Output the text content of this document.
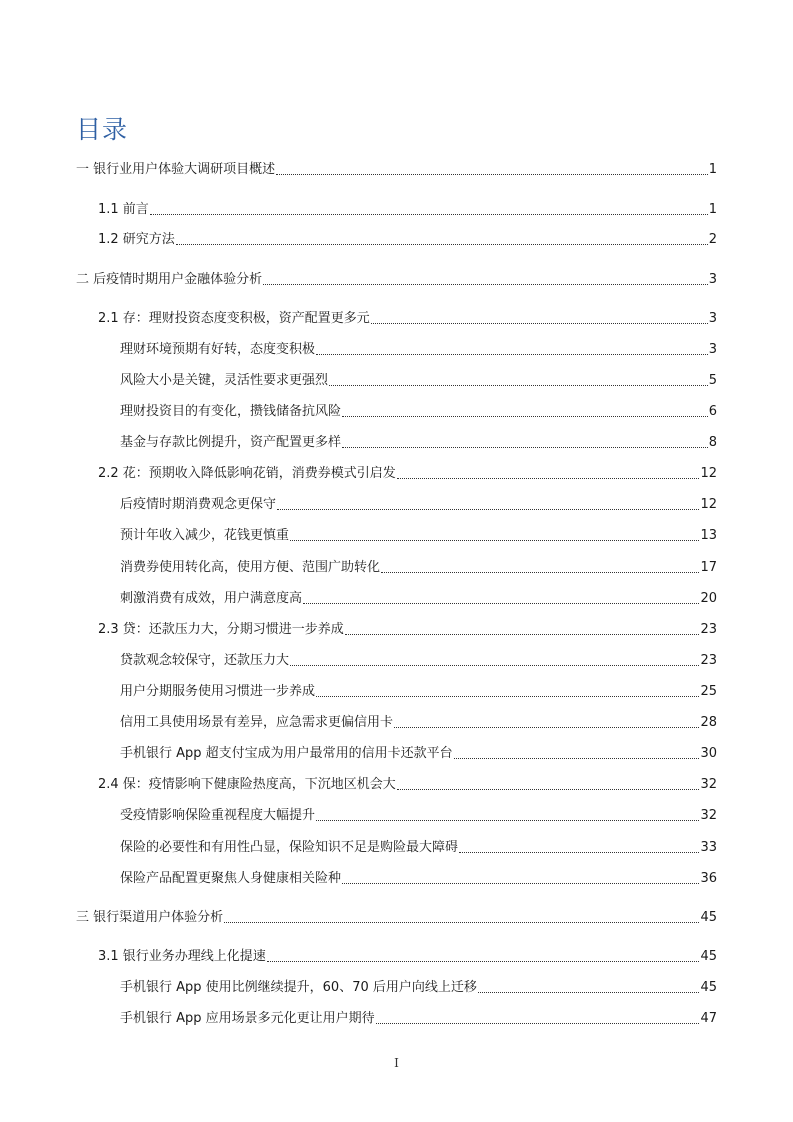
目录
一 银行业用户体验大调研项目概述	1
1.1 前言	1
1.2 研究方法	2
二 后疫情时期用户金融体验分析	3
2.1 存：理财投资态度变积极，资产配置更多元	3
理财环境预期有好转，态度变积极	3
风险大小是关键，灵活性要求更强烈	5
理财投资目的有变化，攒钱储备抗风险	6
基金与存款比例提升，资产配置更多样	8
2.2 花：预期收入降低影响花销，消费券模式引启发	12
后疫情时期消费观念更保守	12
预计年收入减少，花钱更慎重	13
消费券使用转化高，使用方便、范围广助转化	17
刺激消费有成效，用户满意度高	20
2.3 贷：还款压力大，分期习惯进一步养成	23
贷款观念较保守，还款压力大	23
用户分期服务使用习惯进一步养成	25
信用工具使用场景有差异，应急需求更偏信用卡	28
手机银行 App 超支付宝成为用户最常用的信用卡还款平台	30
2.4 保：疫情影响下健康险热度高，下沉地区机会大	32
受疫情影响保险重视程度大幅提升	32
保险的必要性和有用性凸显，保险知识不足是购险最大障碍	33
保险产品配置更聚焦人身健康相关险种	36
三 银行渠道用户体验分析	45
3.1 银行业务办理线上化提速	45
手机银行 App 使用比例继续提升，60、70 后用户向线上迁移	45
手机银行 App 应用场景多元化更让用户期待	47
I
